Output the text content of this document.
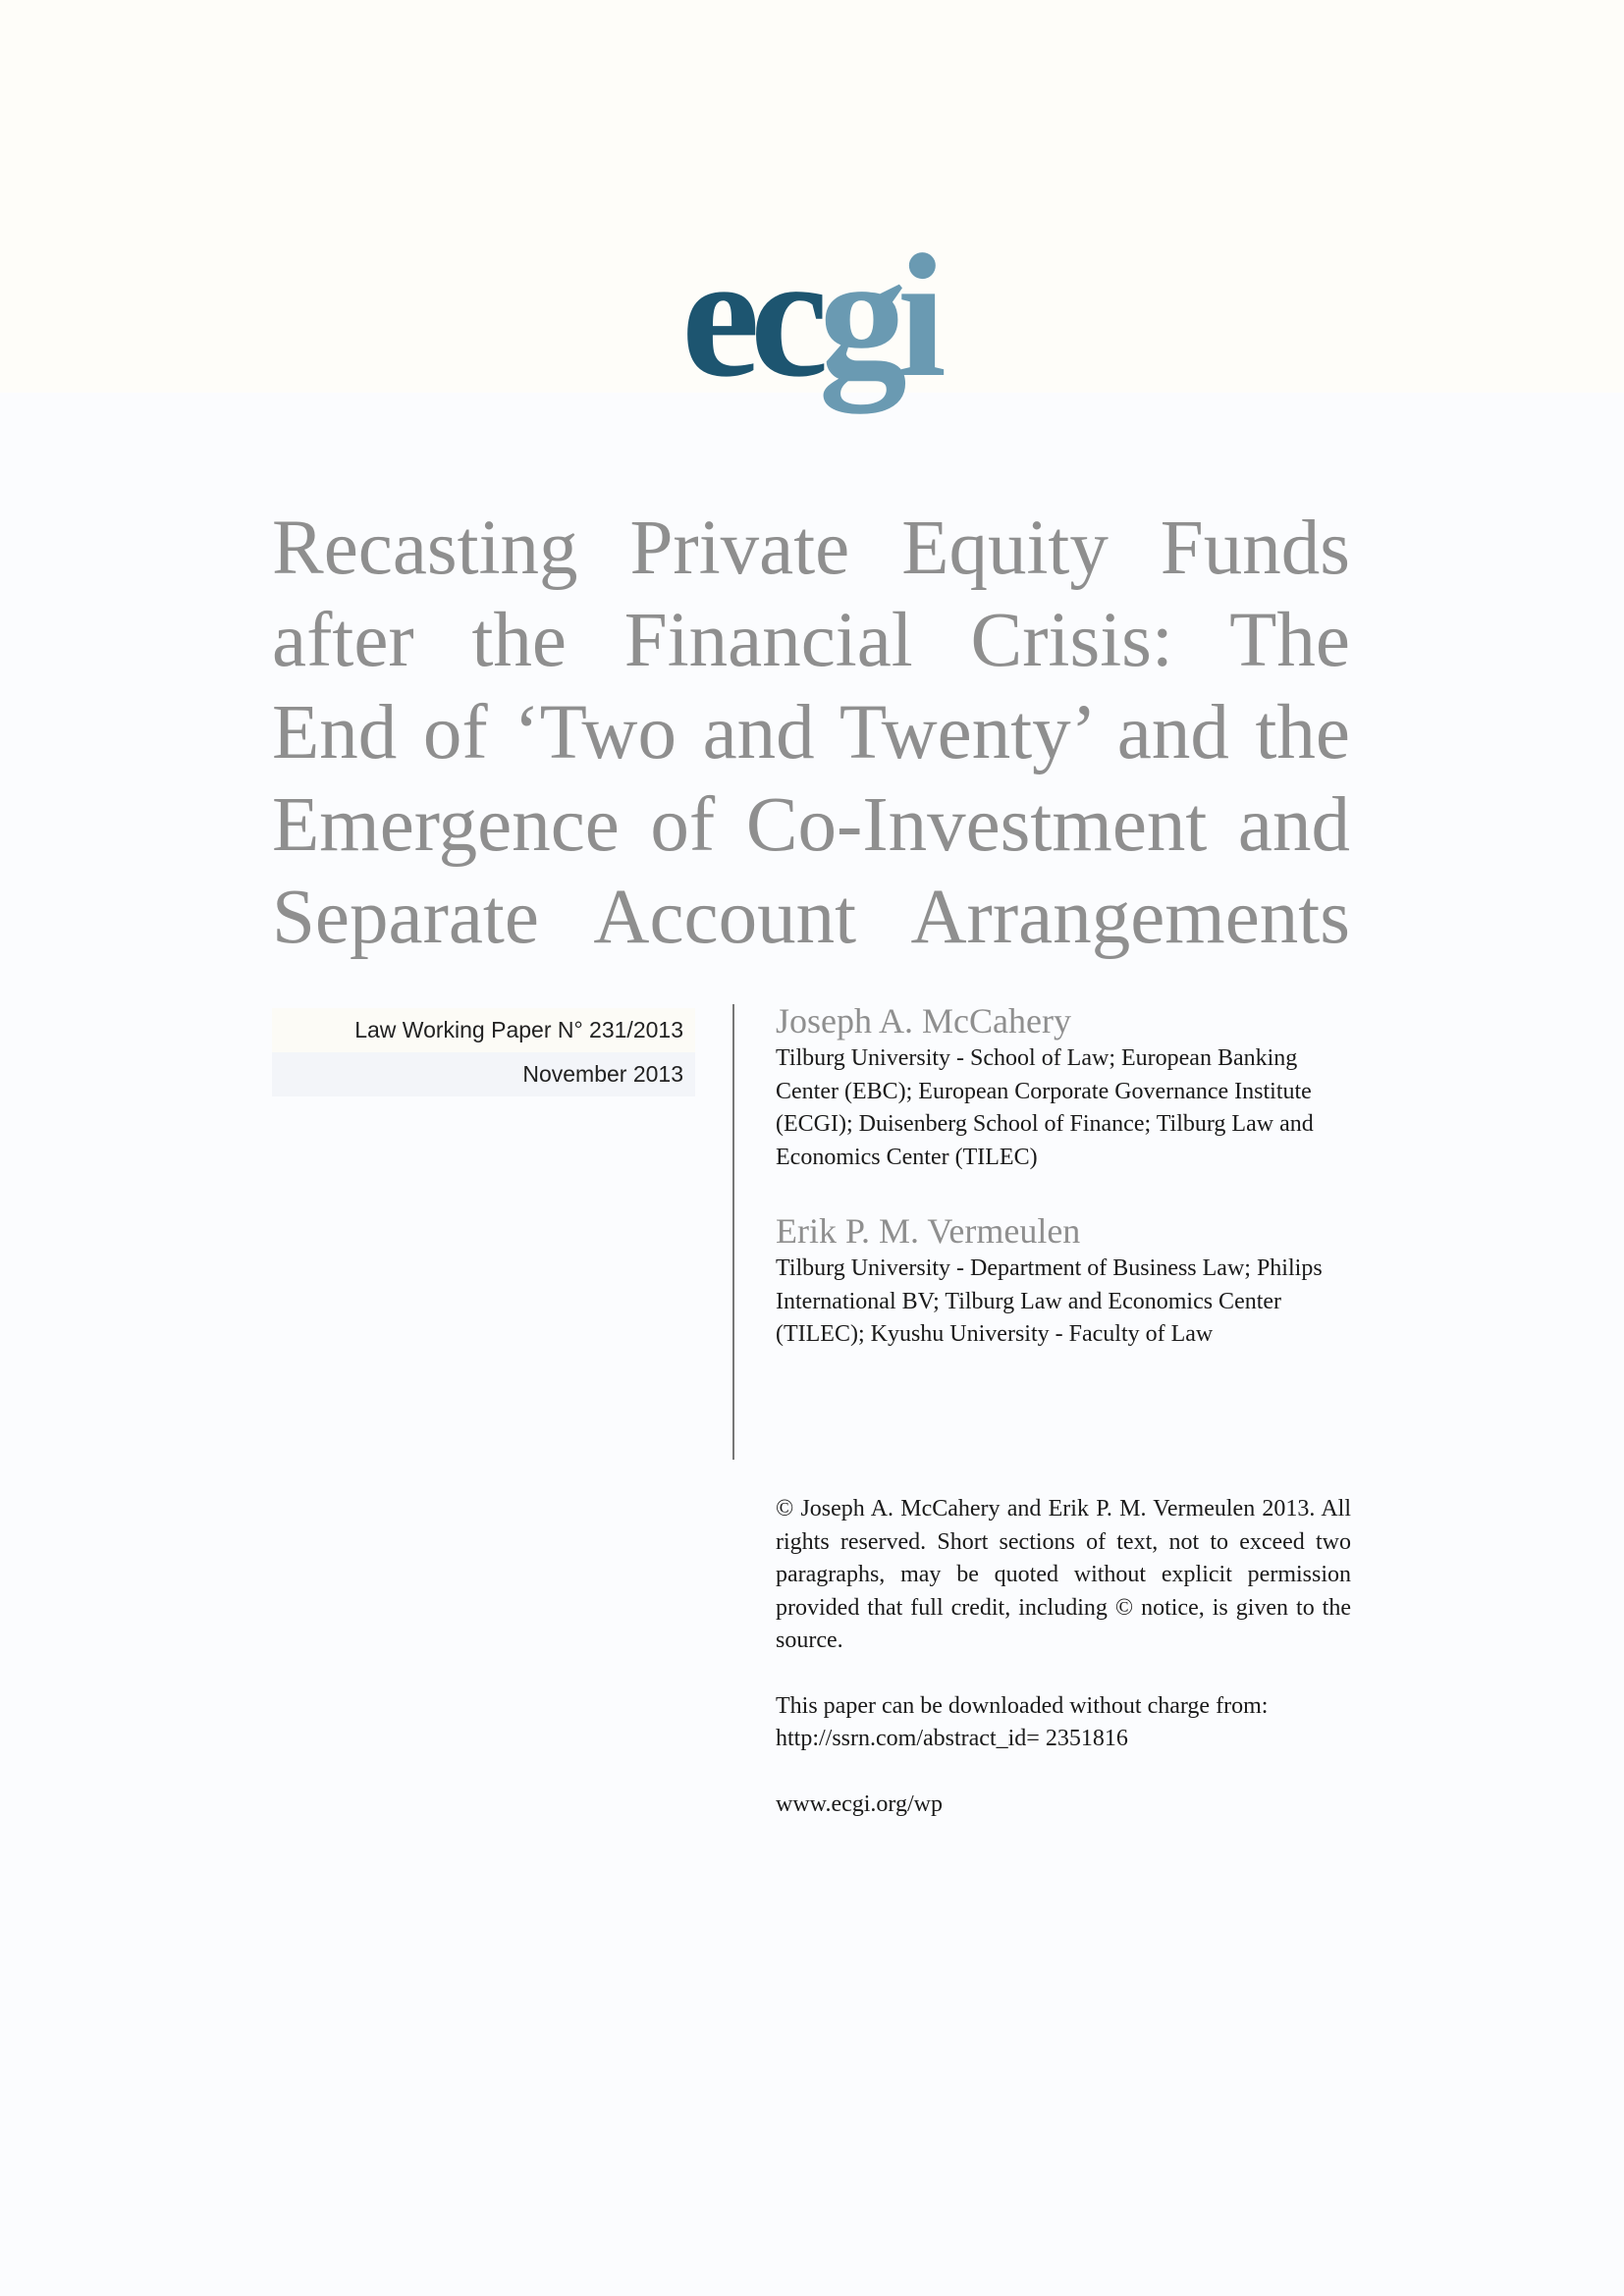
ecgi
Recasting Private Equity Funds
after the Financial Crisis: The
End of ‘Two and Twenty’ and the
Emergence of Co-Investment and
Separate Account Arrangements
Law Working Paper N° 231/2013
November 2013
Joseph A. McCahery
Tilburg University - School of Law; European Banking Center (EBC); European Corporate Governance Institute (ECGI); Duisenberg School of Finance; Tilburg Law and Economics Center (TILEC)
Erik P. M. Vermeulen
Tilburg University - Department of Business Law; Philips International BV; Tilburg Law and Economics Center (TILEC); Kyushu University - Faculty of Law

© Joseph A. McCahery and Erik P. M. Vermeulen 2013. All rights reserved. Short sections of text, not to exceed two paragraphs, may be quoted without explicit permission provided that full credit, including © notice, is given to the source.

This paper can be downloaded without charge from:
http://ssrn.com/abstract_id= 2351816

www.ecgi.org/wp
